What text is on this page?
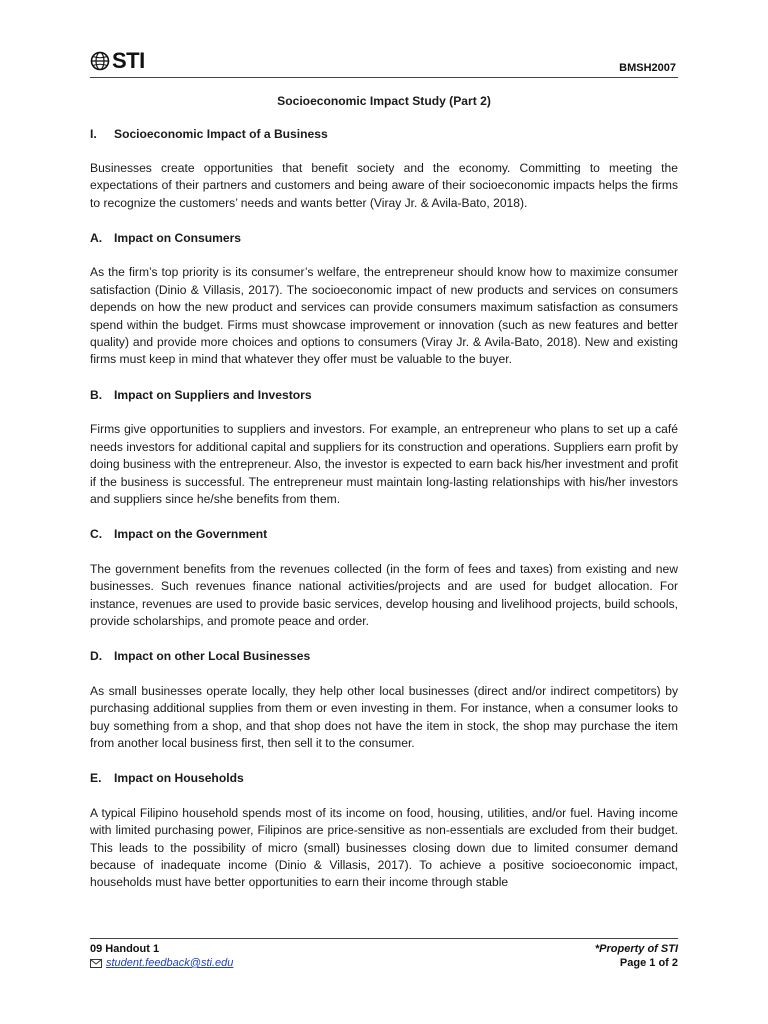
STI	BMSH2007
Socioeconomic Impact Study (Part 2)
I.	Socioeconomic Impact of a Business

Businesses create opportunities that benefit society and the economy. Committing to meeting the expectations of their partners and customers and being aware of their socioeconomic impacts helps the firms to recognize the customers’ needs and wants better (Viray Jr. & Avila-Bato, 2018).

A. Impact on Consumers

As the firm’s top priority is its consumer’s welfare, the entrepreneur should know how to maximize consumer satisfaction (Dinio & Villasis, 2017). The socioeconomic impact of new products and services on consumers depends on how the new product and services can provide consumers maximum satisfaction as consumers spend within the budget. Firms must showcase improvement or innovation (such as new features and better quality) and provide more choices and options to consumers (Viray Jr. & Avila-Bato, 2018). New and existing firms must keep in mind that whatever they offer must be valuable to the buyer.

B. Impact on Suppliers and Investors

Firms give opportunities to suppliers and investors. For example, an entrepreneur who plans to set up a café needs investors for additional capital and suppliers for its construction and operations. Suppliers earn profit by doing business with the entrepreneur. Also, the investor is expected to earn back his/her investment and profit if the business is successful. The entrepreneur must maintain long-lasting relationships with his/her investors and suppliers since he/she benefits from them.

C. Impact on the Government

The government benefits from the revenues collected (in the form of fees and taxes) from existing and new businesses. Such revenues finance national activities/projects and are used for budget allocation. For instance, revenues are used to provide basic services, develop housing and livelihood projects, build schools, provide scholarships, and promote peace and order.

D. Impact on other Local Businesses

As small businesses operate locally, they help other local businesses (direct and/or indirect competitors) by purchasing additional supplies from them or even investing in them. For instance, when a consumer looks to buy something from a shop, and that shop does not have the item in stock, the shop may purchase the item from another local business first, then sell it to the consumer.

E.	Impact on Households

A typical Filipino household spends most of its income on food, housing, utilities, and/or fuel. Having income with limited purchasing power, Filipinos are price-sensitive as non-essentials are excluded from their budget. This leads to the possibility of micro (small) businesses closing down due to limited consumer demand because of inadequate income (Dinio & Villasis, 2017). To achieve a positive socioeconomic impact, households must have better opportunities to earn their income through stable

09 Handout 1
student.feedback@sti.edu
*Property of STI
Page 1 of 2
